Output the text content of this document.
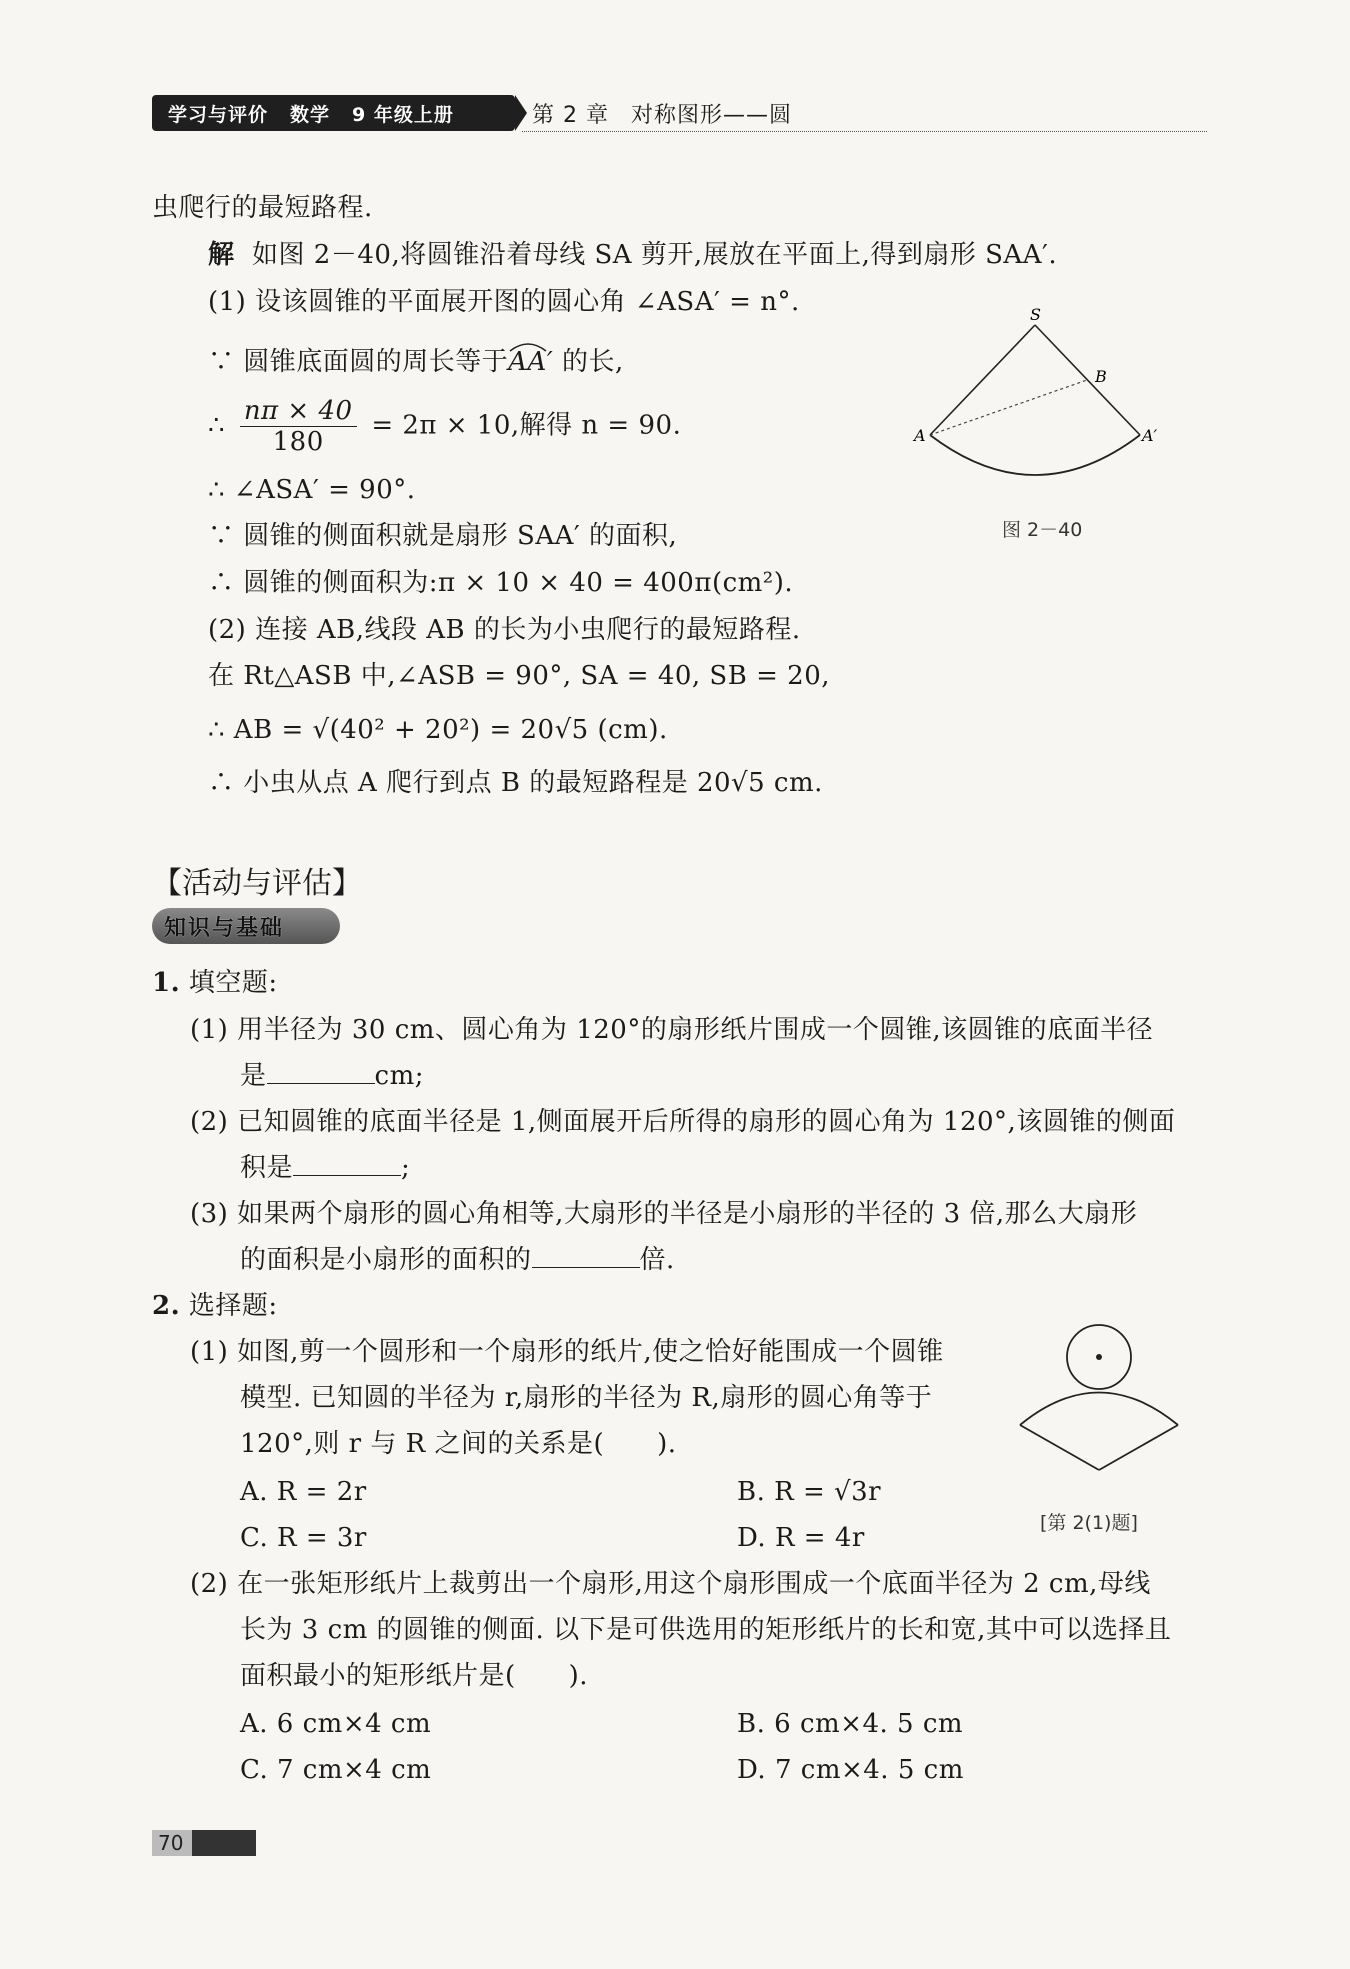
学习与评价 数学 9 年级上册	第 2 章 对称图形——圆
虫爬行的最短路程.
解 如图 2－40,将圆锥沿着母线 SA 剪开,展放在平面上,得到扇形 SAA′.
(1) 设该圆锥的平面展开图的圆心角 ∠ASA′ = n°.
∵ 圆锥底面圆的周长等于AA′
的长,
∴ $\frac{n\pi \times 40}{180} = 2\pi \times 10$,解得 n = 90.
∴ ∠ASA′ = 90°.
∵ 圆锥的侧面积就是扇形 SAA′ 的面积,
∴ 圆锥的侧面积为:π × 10 × 40 = 400π(cm²).
(2) 连接 AB,线段 AB 的长为小虫爬行的最短路程.
在 Rt△ASB 中,∠ASB = 90°, SA = 40, SB = 20,
∴ AB = √(40² + 20²) = 20√5 (cm).
∴ 小虫从点 A 爬行到点 B 的最短路程是 20√5 cm.
S
B
A	A′
图 2－40
【活动与评估】
知识与基础
1. 填空题:
(1) 用半径为 30 cm、圆心角为 120°的扇形纸片围成一个圆锥,该圆锥的底面半径
是	cm;
(2) 已知圆锥的底面半径是 1,侧面展开后所得的扇形的圆心角为 120°,该圆锥的侧面
积是	;
(3) 如果两个扇形的圆心角相等,大扇形的半径是小扇形的半径的 3 倍,那么大扇形
的面积是小扇形的面积的	倍.
2. 选择题:
(1) 如图,剪一个圆形和一个扇形的纸片,使之恰好能围成一个圆锥
模型. 已知圆的半径为 r,扇形的半径为 R,扇形的圆心角等于
120°,则 r 与 R 之间的关系是(　　).
A. R = 2r	B. R = √3r
C. R = 3r	D. R = 4r	[第 2(1)题]
(2) 在一张矩形纸片上裁剪出一个扇形,用这个扇形围成一个底面半径为 2 cm,母线
长为 3 cm 的圆锥的侧面. 以下是可供选用的矩形纸片的长和宽,其中可以选择且
面积最小的矩形纸片是(　　).
A. 6 cm×4 cm	B. 6 cm×4. 5 cm
C. 7 cm×4 cm	D. 7 cm×4. 5 cm
70
